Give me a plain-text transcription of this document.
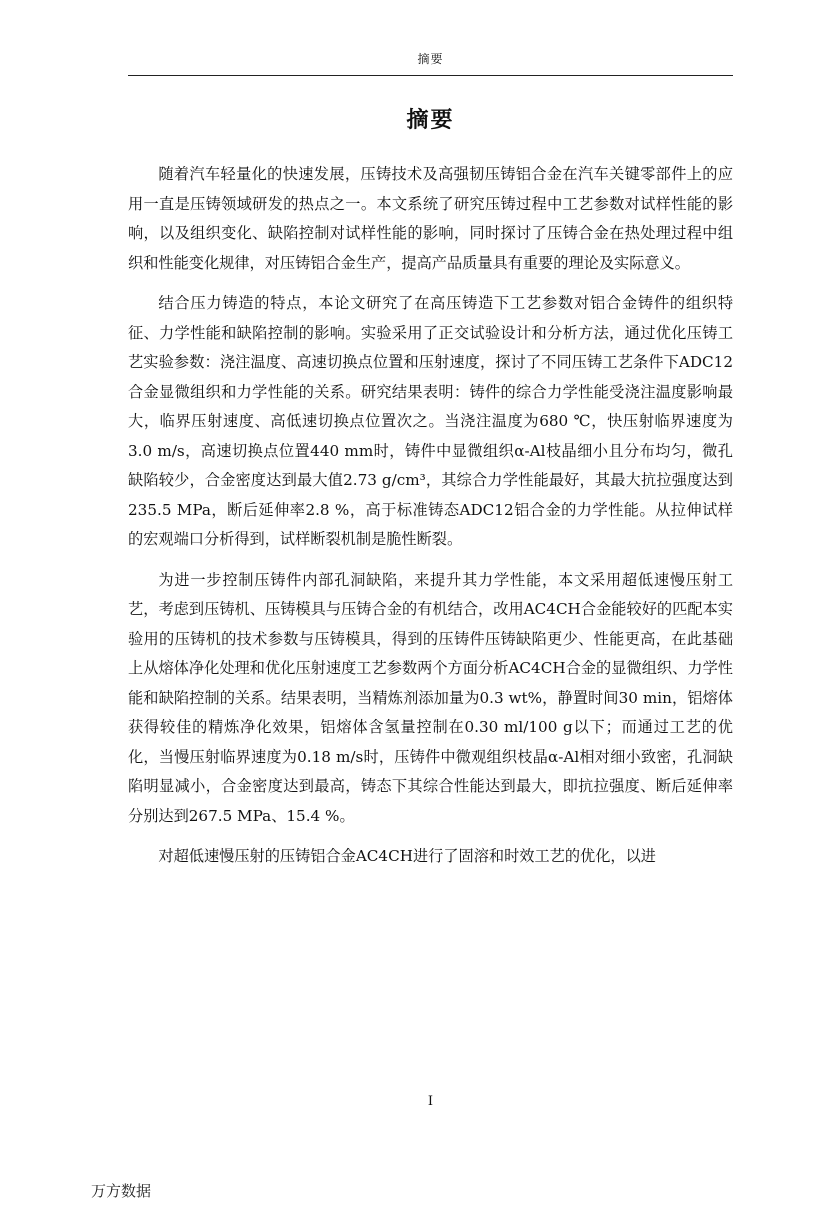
摘要
摘要

随着汽车轻量化的快速发展，压铸技术及高强韧压铸铝合金在汽车关键零部件上的应用一直是压铸领域研发的热点之一。本文系统了研究压铸过程中工艺参数对试样性能的影响，以及组织变化、缺陷控制对试样性能的影响，同时探讨了压铸合金在热处理过程中组织和性能变化规律，对压铸铝合金生产，提高产品质量具有重要的理论及实际意义。

结合压力铸造的特点，本论文研究了在高压铸造下工艺参数对铝合金铸件的组织特征、力学性能和缺陷控制的影响。实验采用了正交试验设计和分析方法，通过优化压铸工艺实验参数：浇注温度、高速切换点位置和压射速度，探讨了不同压铸工艺条件下ADC12合金显微组织和力学性能的关系。研究结果表明：铸件的综合力学性能受浇注温度影响最大，临界压射速度、高低速切换点位置次之。当浇注温度为680 ℃，快压射临界速度为3.0 m/s，高速切换点位置440 mm时，铸件中显微组织α-Al枝晶细小且分布均匀，微孔缺陷较少，合金密度达到最大值2.73 g/cm³，其综合力学性能最好，其最大抗拉强度达到235.5 MPa，断后延伸率2.8 %，高于标准铸态ADC12铝合金的力学性能。从拉伸试样的宏观端口分析得到，试样断裂机制是脆性断裂。

为进一步控制压铸件内部孔洞缺陷，来提升其力学性能，本文采用超低速慢压射工艺，考虑到压铸机、压铸模具与压铸合金的有机结合，改用AC4CH合金能较好的匹配本实验用的压铸机的技术参数与压铸模具，得到的压铸件压铸缺陷更少、性能更高，在此基础上从熔体净化处理和优化压射速度工艺参数两个方面分析AC4CH合金的显微组织、力学性能和缺陷控制的关系。结果表明，当精炼剂添加量为0.3 wt%，静置时间30 min，铝熔体获得较佳的精炼净化效果，铝熔体含氢量控制在0.30 ml/100 g以下；而通过工艺的优化，当慢压射临界速度为0.18 m/s时，压铸件中微观组织枝晶α-Al相对细小致密，孔洞缺陷明显减小，合金密度达到最高，铸态下其综合性能达到最大，即抗拉强度、断后延伸率分别达到267.5 MPa、15.4 %。

对超低速慢压射的压铸铝合金AC4CH进行了固溶和时效工艺的优化，以进

I
万方数据
